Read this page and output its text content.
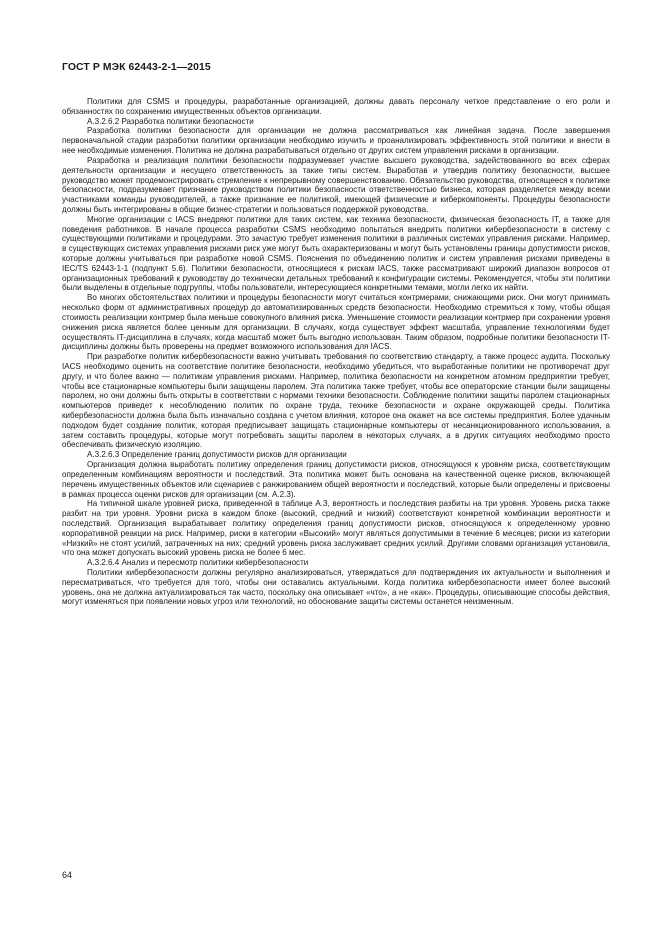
ГОСТ Р МЭК 62443-2-1—2015

Политики для CSMS и процедуры, разработанные организацией, должны давать персоналу четкое представление о его роли и обязанностях по сохранению имущественных объектов организации.

A.3.2.6.2 Разработка политики безопасности

Разработка политики безопасности для организации не должна рассматриваться как линейная задача. После завершения первоначальной стадии разработки политики организации необходимо изучить и проанализировать эффективность этой политики и внести в нее необходимые изменения. Политика не должна разрабатываться отдельно от других систем управления рисками в организации.

Разработка и реализация политики безопасности подразумевает участие высшего руководства, задействованного во всех сферах деятельности организации и несущего ответственность за такие типы систем. Выработав и утвердив политику безопасности, высшее руководство может продемонстрировать стремление к непрерывному совершенствованию. Обязательство руководства, относящееся к политике безопасности, подразумевает признание руководством политики безопасности ответственностью бизнеса, которая разделяется между всеми участниками команды руководителей, а также признание ее политикой, имеющей физические и киберкомпоненты. Процедуры безопасности должны быть интегрированы в общие бизнес-стратегии и пользоваться поддержкой руководства.

Многие организации с IACS внедряют политики для таких систем, как техника безопасности, физическая безопасность IT, а также для поведения работников. В начале процесса разработки CSMS необходимо попытаться внедрить политики кибербезопасности в систему с существующими политиками и процедурами. Это зачастую требует изменения политики в различных системах управления рисками. Например, в существующих системах управления рисками риск уже могут быть охарактеризованы и могут быть установлены границы допустимости рисков, которые должны учитываться при разработке новой CSMS. Пояснения по объединению политик и систем управления рисками приведены в IEC/TS 62443-1-1 (подпункт 5.6). Политики безопасности, относящиеся к рискам IACS, также рассматривают широкий диапазон вопросов от организационных требований к руководству до технически детальных требований к конфигурации системы. Рекомендуется, чтобы эти политики были выделены в отдельные подгруппы, чтобы пользователи, интересующиеся конкретными темами, могли легко их найти.

Во многих обстоятельствах политики и процедуры безопасности могут считаться контрмерами, снижающими риск. Они могут принимать несколько форм от административных процедур до автоматизированных средств безопасности. Необходимо стремиться к тому, чтобы общая стоимость реализации контрмер была меньше совокупного влияния риска. Уменьшение стоимости реализации контрмер при сохранении уровня снижения риска является более ценным для организации. В случаях, когда существует эффект масштаба, управление технологиями будет осуществлять IT-дисциплина в случаях, когда масштаб может быть выгодно использован. Таким образом, подробные политики безопасности IT-дисциплины должны быть проверены на предмет возможного использования для IACS.

При разработке политик кибербезопасности важно учитывать требования по соответствию стандарту, а также процесс аудита. Поскольку IACS необходимо оценить на соответствие политике безопасности, необходимо убедиться, что выработанные политики не противоречат друг другу, и что более важно — политикам управления рисками. Например, политика безопасности на конкретном атомном предприятии требует, чтобы все стационарные компьютеры были защищены паролем. Эта политика также требует, чтобы все операторские станции были защищены паролем, но они должны быть открыты в соответствии с нормами техники безопасности. Соблюдение политики защиты паролем стационарных компьютеров приведет к несоблюдению политик по охране труда, технике безопасности и охране окружающей среды. Политика кибербезопасности должна была быть изначально создана с учетом влияния, которое она окажет на все системы предприятия. Более удачным подходом будет создание политик, которая предписывает защищать стационарные компьютеры от несанкционированного использования, а затем составить процедуры, которые могут потребовать защиты паролем в некоторых случаях, а в других ситуациях необходимо просто обеспечивать физическую изоляцию.

A.3.2.6.3 Определение границ допустимости рисков для организации

Организация должна выработать политику определения границ допустимости рисков, относящуюся к уровням риска, соответствующим определенным комбинациям вероятности и последствий. Эта политика может быть основана на качественной оценке рисков, включающей перечень имущественных объектов или сценариев с ранжированием общей вероятности и последствий, которые были определены и присвоены в рамках процесса оценки рисков для организации (см. А.2.3).

На типичной шкале уровней риска, приведенной в таблице А.3, вероятность и последствия разбиты на три уровня. Уровень риска также разбит на три уровня. Уровни риска в каждом блоке (высокий, средний и низкий) соответствуют конкретной комбинации вероятности и последствий. Организация вырабатывает политику определения границ допустимости рисков, относящуюся к определенному уровню корпоративной реакции на риск. Например, риски в категории «Высокий» могут являться допустимыми в течение 6 месяцев; риски из категории «Низкий» не стоят усилий, затраченных на них; средний уровень риска заслуживает средних усилий. Другими словами организация установила, что она может допускать высокий уровень риска не более 6 мес.

A.3.2.6.4 Анализ и пересмотр политики кибербезопасности

Политики кибербезопасности должны регулярно анализироваться, утверждаться для подтверждения их актуальности и выполнения и пересматриваться, что требуется для того, чтобы они оставались актуальными. Когда политика кибербезопасности имеет более высокий уровень, она не должна актуализироваться так часто, поскольку она описывает «что», а не «как». Процедуры, описывающие способы действия, могут изменяться при появлении новых угроз или технологий, но обоснование защиты системы останется неизменным.

64
